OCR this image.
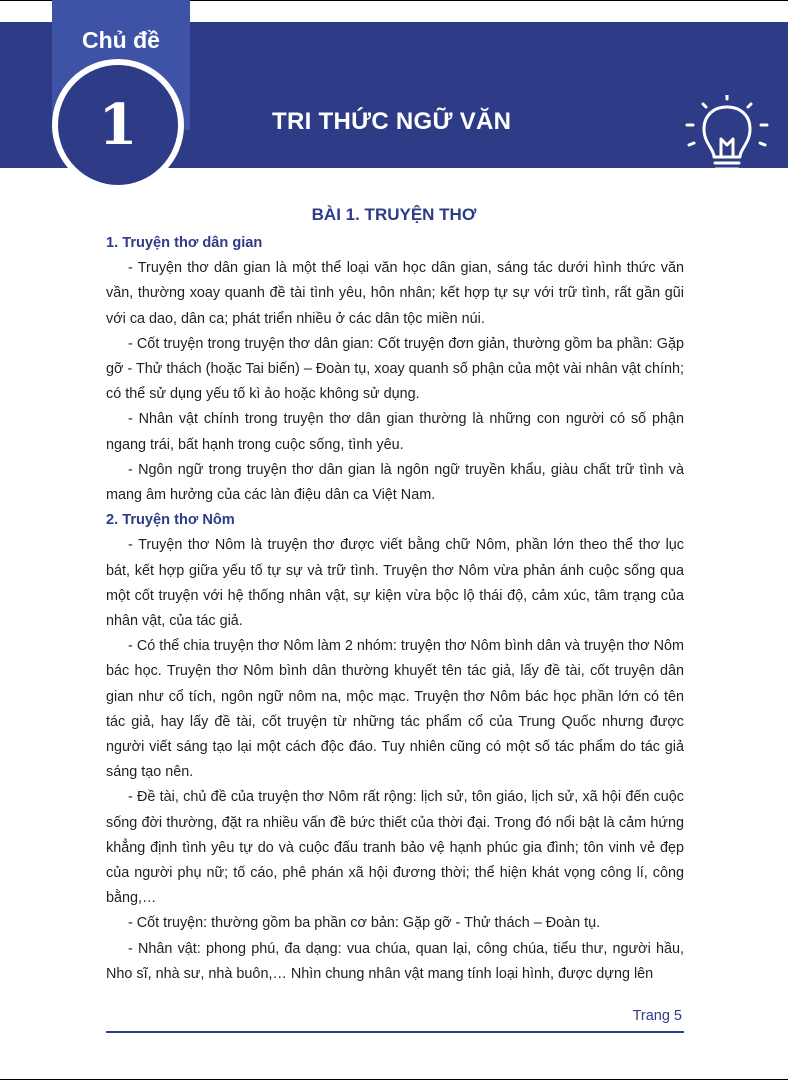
TRI THỨC NGỮ VĂN
Chủ đề
1
BÀI 1. TRUYỆN THƠ
1. Truyện thơ dân gian

- Truyện thơ dân gian là một thể loại văn học dân gian, sáng tác dưới hình thức văn vần, thường xoay quanh đề tài tình yêu, hôn nhân; kết hợp tự sự với trữ tình, rất gần gũi với ca dao, dân ca; phát triển nhiều ở các dân tộc miền núi.

- Cốt truyện trong truyện thơ dân gian: Cốt truyện đơn giản, thường gồm ba phần: Gặp gỡ - Thử thách (hoặc Tai biến) – Đoàn tụ, xoay quanh số phận của một vài nhân vật chính; có thể sử dụng yếu tố kì ảo hoặc không sử dụng.

- Nhân vật chính trong truyện thơ dân gian thường là những con người có số phận ngang trái, bất hạnh trong cuộc sống, tình yêu.

- Ngôn ngữ trong truyện thơ dân gian là ngôn ngữ truyền khẩu, giàu chất trữ tình và mang âm hưởng của các làn điệu dân ca Việt Nam.

2. Truyện thơ Nôm

- Truyện thơ Nôm là truyện thơ được viết bằng chữ Nôm, phần lớn theo thể thơ lục bát, kết hợp giữa yếu tố tự sự và trữ tình. Truyện thơ Nôm vừa phản ánh cuộc sống qua một cốt truyện với hệ thống nhân vật, sự kiện vừa bộc lộ thái độ, cảm xúc, tâm trạng của nhân vật, của tác giả.

- Có thể chia truyện thơ Nôm làm 2 nhóm: truyện thơ Nôm bình dân và truyện thơ Nôm bác học. Truyện thơ Nôm bình dân thường khuyết tên tác giả, lấy đề tài, cốt truyện dân gian như cổ tích, ngôn ngữ nôm na, mộc mạc. Truyện thơ Nôm bác học phần lớn có tên tác giả, hay lấy đề tài, cốt truyện từ những tác phẩm cổ của Trung Quốc nhưng được người viết sáng tạo lại một cách độc đáo. Tuy nhiên cũng có một số tác phẩm do tác giả sáng tạo nên.

- Đề tài, chủ đề của truyện thơ Nôm rất rộng: lịch sử, tôn giáo, lịch sử, xã hội đến cuộc sống đời thường, đặt ra nhiều vấn đề bức thiết của thời đại. Trong đó nổi bật là cảm hứng khẳng định tình yêu tự do và cuộc đấu tranh bảo vệ hạnh phúc gia đình; tôn vinh vẻ đẹp của người phụ nữ; tố cáo, phê phán xã hội đương thời; thể hiện khát vọng công lí, công bằng,…

- Cốt truyện: thường gồm ba phần cơ bản: Gặp gỡ - Thử thách – Đoàn tụ.

- Nhân vật: phong phú, đa dạng: vua chúa, quan lại, công chúa, tiểu thư, người hầu, Nho sĩ, nhà sư, nhà buôn,… Nhìn chung nhân vật mang tính loại hình, được dựng lên

Trang 5
